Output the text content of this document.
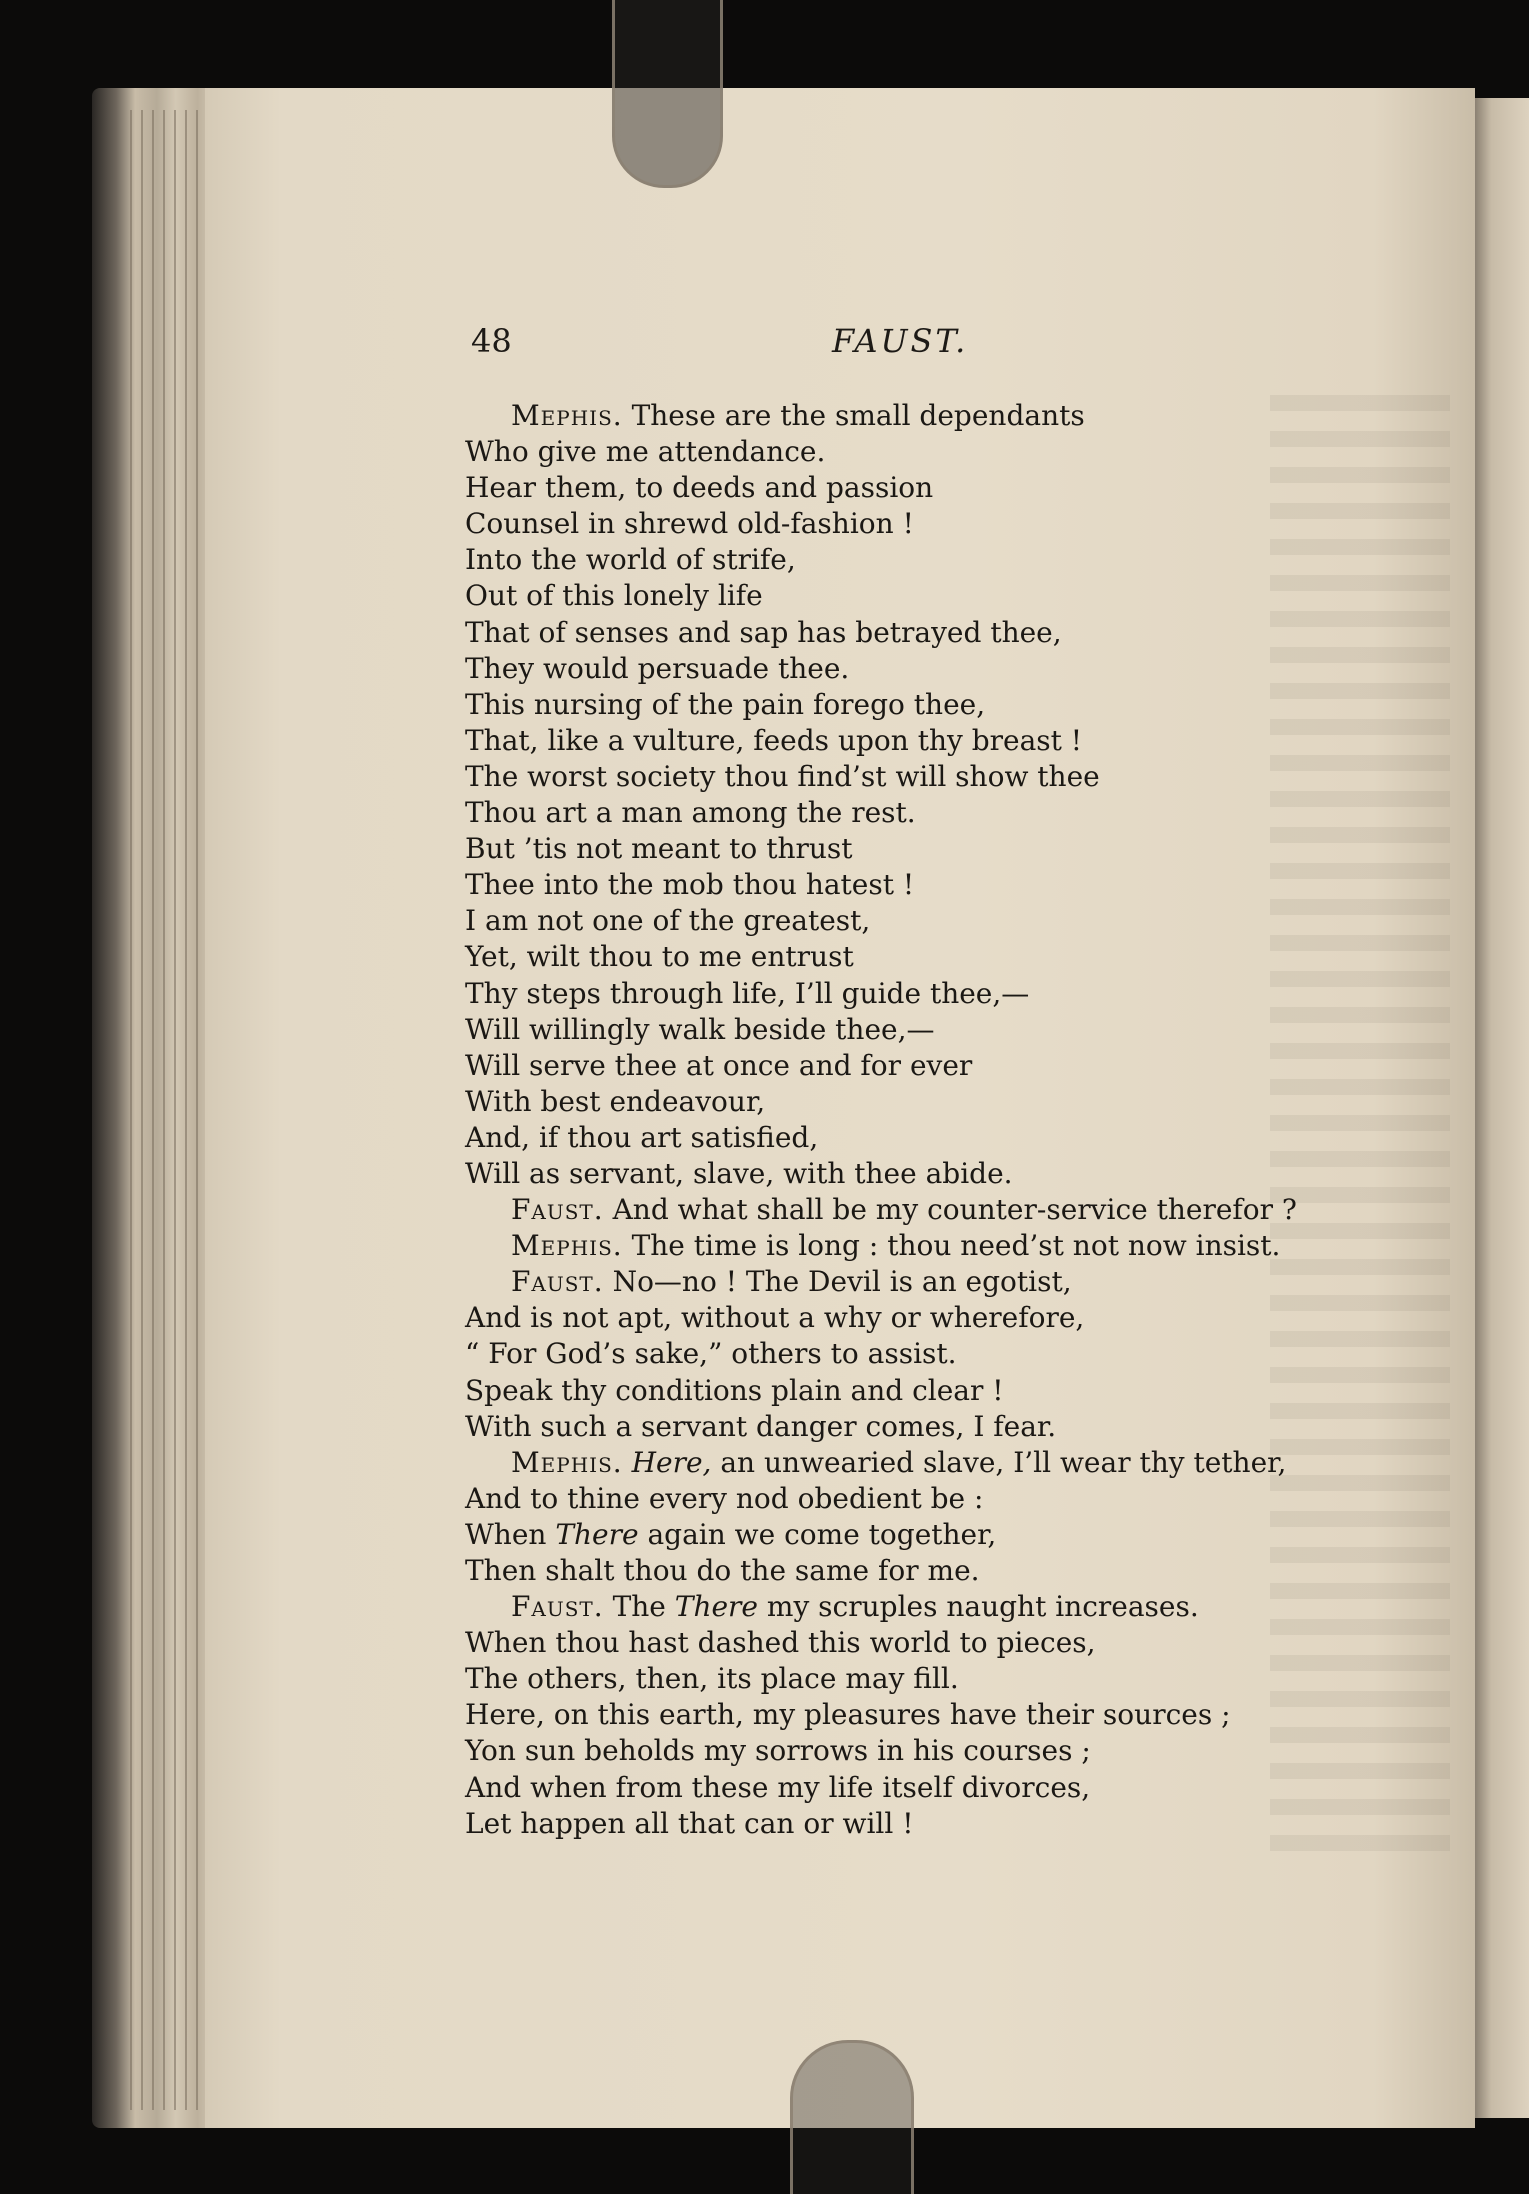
48	FAUST.
Mephis. These are the small dependants
Who give me attendance.
Hear them, to deeds and passion
Counsel in shrewd old-fashion !
Into the world of strife,
Out of this lonely life
That of senses and sap has betrayed thee,
They would persuade thee.
This nursing of the pain forego thee,
That, like a vulture, feeds upon thy breast !
The worst society thou find’st will show thee
Thou art a man among the rest.
But ’tis not meant to thrust
Thee into the mob thou hatest !
I am not one of the greatest,
Yet, wilt thou to me entrust
Thy steps through life, I’ll guide thee,—
Will willingly walk beside thee,—
Will serve thee at once and for ever
With best endeavour,
And, if thou art satisfied,
Will as servant, slave, with thee abide.
Faust. And what shall be my counter-service therefor ?
Mephis. The time is long : thou need’st not now insist.
Faust. No—no ! The Devil is an egotist,
And is not apt, without a why or wherefore,
“ For God’s sake,” others to assist.
Speak thy conditions plain and clear !
With such a servant danger comes, I fear.
Mephis. Here, an unwearied slave, I’ll wear thy tether,
And to thine every nod obedient be :
When There again we come together,
Then shalt thou do the same for me.
Faust. The There my scruples naught increases.
When thou hast dashed this world to pieces,
The others, then, its place may fill.
Here, on this earth, my pleasures have their sources ;
Yon sun beholds my sorrows in his courses ;
And when from these my life itself divorces,
Let happen all that can or will !
